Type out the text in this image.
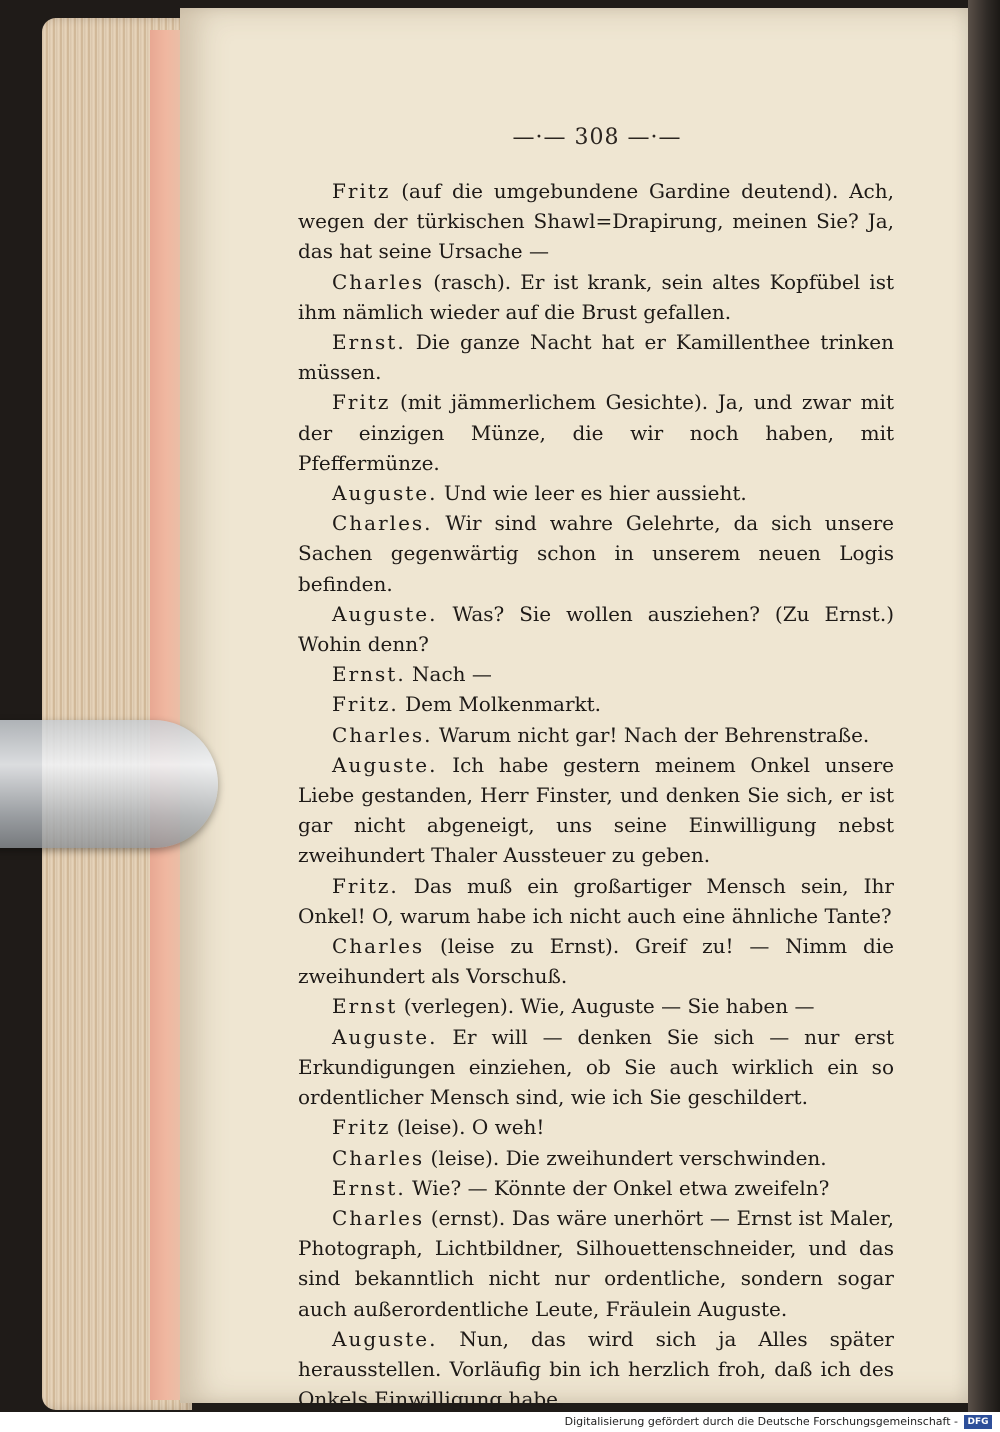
—·— 308 —·—

Fritz (auf die umgebundene Gardine deutend). Ach, wegen der türkischen Shawl=Drapirung, meinen Sie? Ja, das hat seine Ursache —

Charles (rasch). Er ist krank, sein altes Kopfübel ist ihm nämlich wieder auf die Brust gefallen.

Ernst. Die ganze Nacht hat er Kamillenthee trinken müssen.

Fritz (mit jämmerlichem Gesichte). Ja, und zwar mit der einzigen Münze, die wir noch haben, mit Pfeffermünze.

Auguste. Und wie leer es hier aussieht.

Charles. Wir sind wahre Gelehrte, da sich unsere Sachen gegenwärtig schon in unserem neuen Logis befinden.

Auguste. Was? Sie wollen ausziehen? (Zu Ernst.) Wohin denn?

Ernst. Nach —

Fritz. Dem Molkenmarkt.

Charles. Warum nicht gar! Nach der Behrenstraße.

Auguste. Ich habe gestern meinem Onkel unsere Liebe gestanden, Herr Finster, und denken Sie sich, er ist gar nicht abgeneigt, uns seine Einwilligung nebst zweihundert Thaler Aussteuer zu geben.

Fritz. Das muß ein großartiger Mensch sein, Ihr Onkel! O, warum habe ich nicht auch eine ähnliche Tante?

Charles (leise zu Ernst). Greif zu! — Nimm die zweihundert als Vorschuß.

Ernst (verlegen). Wie, Auguste — Sie haben —

Auguste. Er will — denken Sie sich — nur erst Erkundigungen einziehen, ob Sie auch wirklich ein so ordentlicher Mensch sind, wie ich Sie geschildert.

Fritz (leise). O weh!

Charles (leise). Die zweihundert verschwinden.

Ernst. Wie? — Könnte der Onkel etwa zweifeln?

Charles (ernst). Das wäre unerhört — Ernst ist Maler, Photograph, Lichtbildner, Silhouettenschneider, und das sind bekanntlich nicht nur ordentliche, sondern sogar auch außerordentliche Leute, Fräulein Auguste.

Auguste. Nun, das wird sich ja Alles später herausstellen. Vorläufig bin ich herzlich froh, daß ich des Onkels Einwilligung habe.

Digitalisierung gefördert durch die Deutsche Forschungsgemeinschaft -	DFG
